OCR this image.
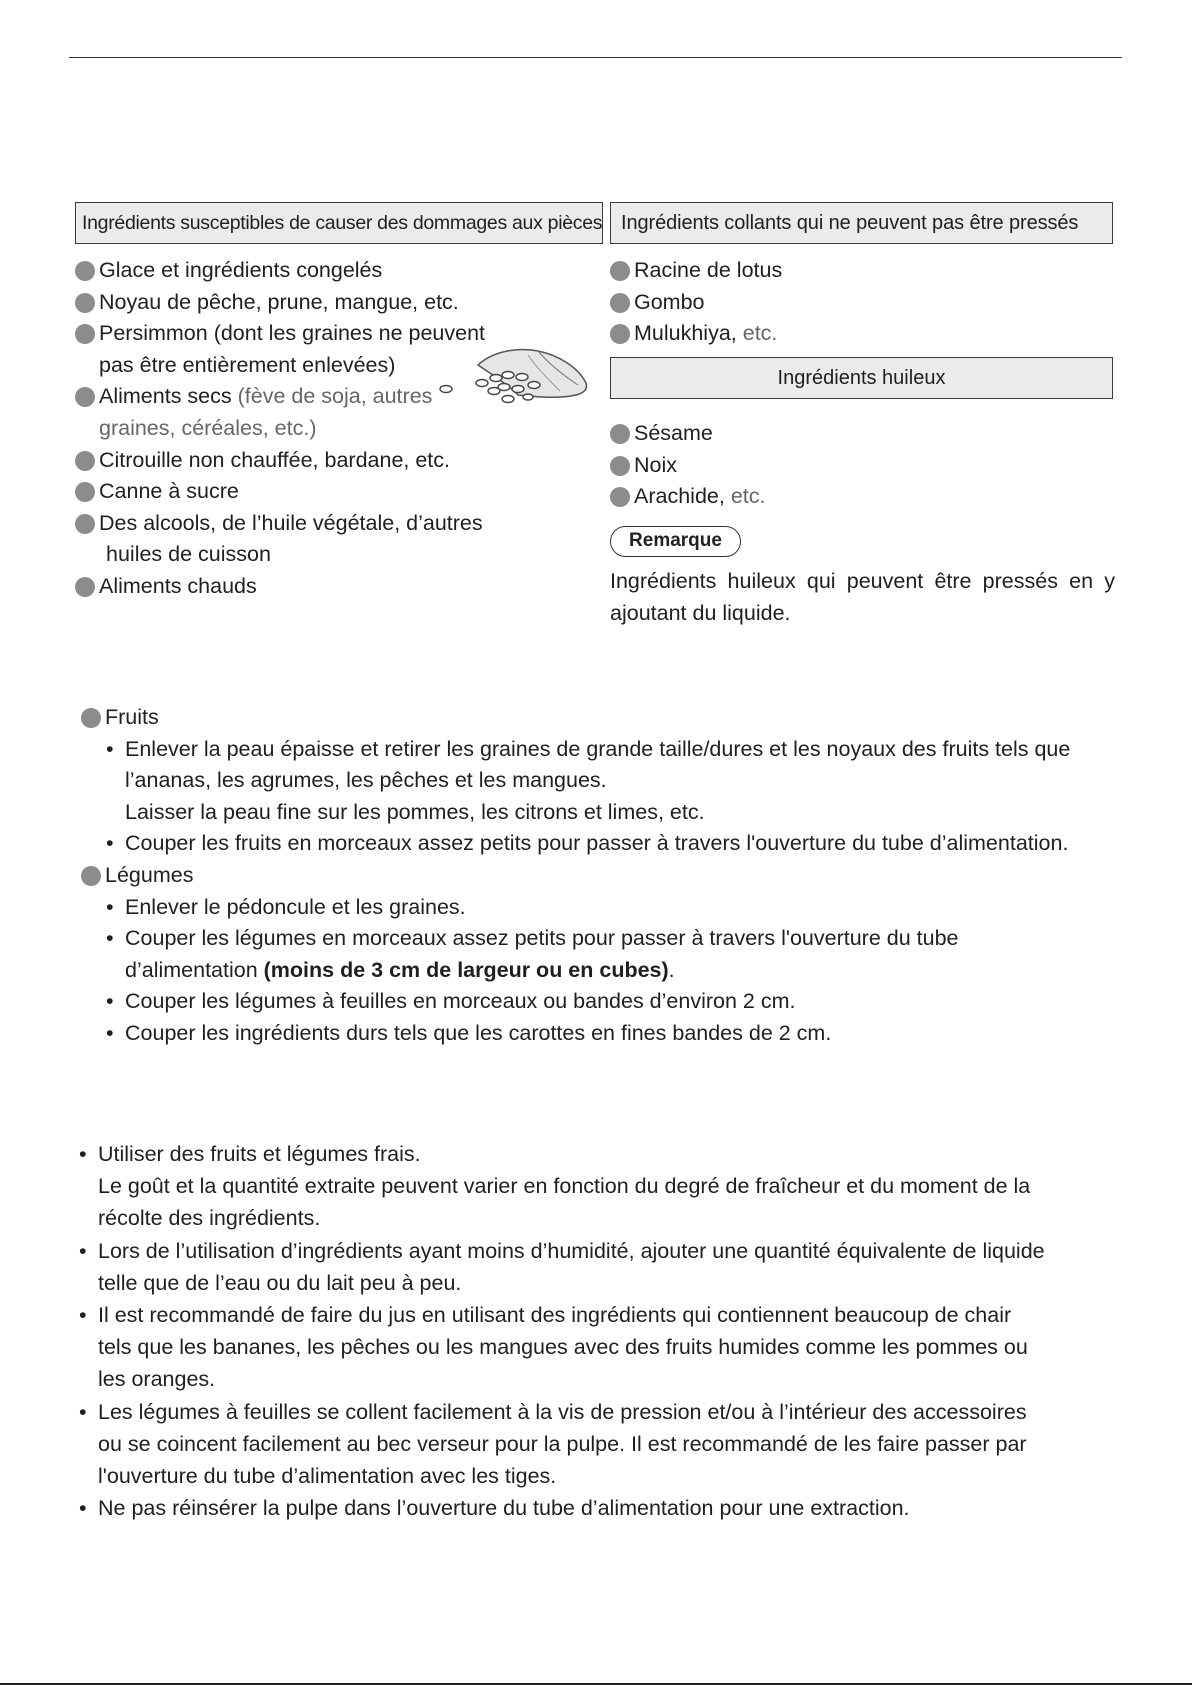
Ingrédients susceptibles de causer des dommages aux pièces Ingrédients collants qui ne peuvent pas être pressés
Ingrédients huileux
Glace et ingrédients congelés
Noyau de pêche, prune, mangue, etc.
Persimmon (dont les graines ne peuvent
pas être entièrement enlevées)
Aliments secs (fève de soja, autres
graines, céréales, etc.)
Citrouille non chauffée, bardane, etc.
Canne à sucre
Des alcools, de l’huile végétale, d’autres
huiles de cuisson
Aliments chauds
Racine de lotus
Gombo
Mulukhiya, etc.
Sésame
Noix
Arachide, etc.
Remarque

Ingrédients huileux qui peuvent être pressés en y ajoutant du liquide.

Fruits
• Enlever la peau épaisse et retirer les graines de grande taille/dures et les noyaux des fruits tels que
l’ananas, les agrumes, les pêches et les mangues.
Laisser la peau fine sur les pommes, les citrons et limes, etc.
• Couper les fruits en morceaux assez petits pour passer à travers l'ouverture du tube d’alimentation.
Légumes
• Enlever le pédoncule et les graines.
• Couper les légumes en morceaux assez petits pour passer à travers l'ouverture du tube
d’alimentation (moins de 3 cm de largeur ou en cubes).
• Couper les légumes à feuilles en morceaux ou bandes d’environ 2 cm.
• Couper les ingrédients durs tels que les carottes en fines bandes de 2 cm.
• Utiliser des fruits et légumes frais.
Le goût et la quantité extraite peuvent varier en fonction du degré de fraîcheur et du moment de la
récolte des ingrédients.
• Lors de l’utilisation d’ingrédients ayant moins d’humidité, ajouter une quantité équivalente de liquide
telle que de l’eau ou du lait peu à peu.
• Il est recommandé de faire du jus en utilisant des ingrédients qui contiennent beaucoup de chair
tels que les bananes, les pêches ou les mangues avec des fruits humides comme les pommes ou
les oranges.
• Les légumes à feuilles se collent facilement à la vis de pression et/ou à l’intérieur des accessoires
ou se coincent facilement au bec verseur pour la pulpe. Il est recommandé de les faire passer par
l'ouverture du tube d’alimentation avec les tiges.
• Ne pas réinsérer la pulpe dans l’ouverture du tube d’alimentation pour une extraction.
